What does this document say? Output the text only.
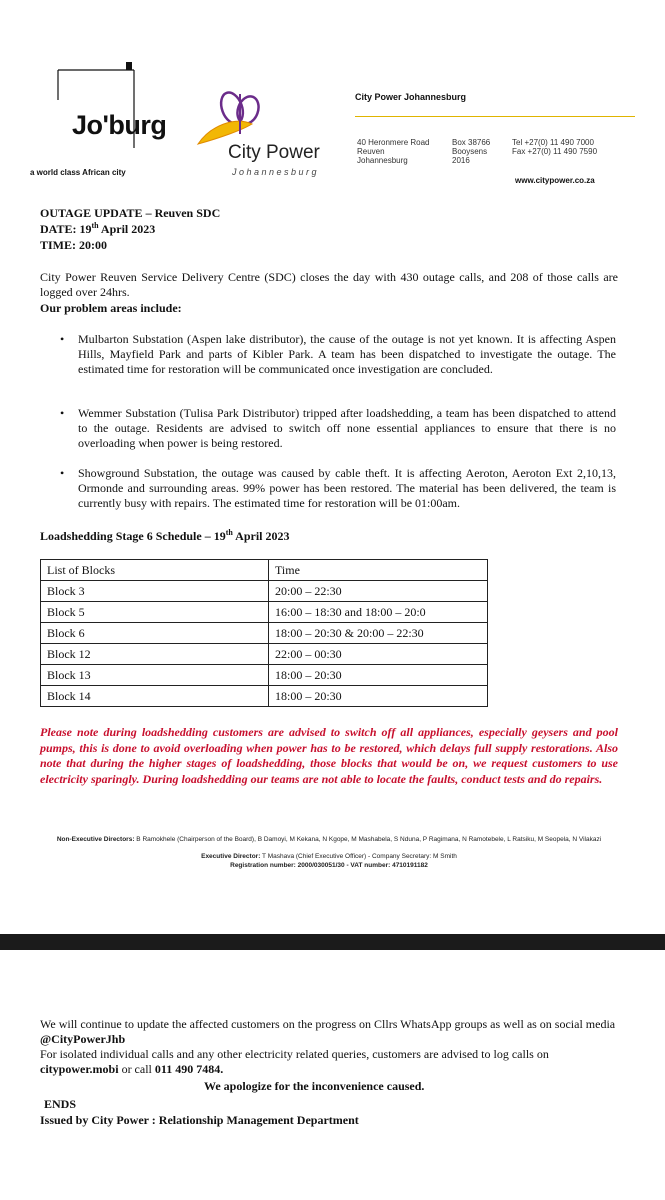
Jo'burg
a world class African city
City Power
Johannesburg
City Power Johannesburg
40 Heronmere Road
Reuven
Johannesburg
Box 38766
Booysens
2016
Tel +27(0) 11 490 7000
Fax +27(0) 11 490 7590
www.citypower.co.za
OUTAGE UPDATE – Reuven SDC
DATE: 19th April 2023
TIME: 20:00
City Power Reuven Service Delivery Centre (SDC) closes the day with 430 outage calls, and 208 of those calls are logged over 24hrs.
Our problem areas include:
• Mulbarton Substation (Aspen lake distributor), the cause of the outage is not yet known. It is affecting Aspen Hills, Mayfield Park and parts of Kibler Park. A team has been dispatched to investigate the outage. The estimated time for restoration will be communicated once investigation are concluded.
• Wemmer Substation (Tulisa Park Distributor) tripped after loadshedding, a team has been dispatched to attend to the outage. Residents are advised to switch off none essential appliances to ensure that there is no overloading when power is being restored.
• Showground Substation, the outage was caused by cable theft. It is affecting Aeroton, Aeroton Ext 2,10,13, Ormonde and surrounding areas. 99% power has been restored. The material has been delivered, the team is currently busy with repairs. The estimated time for restoration will be 01:00am.
Loadshedding Stage 6 Schedule – 19th April 2023
List of Blocks	Time
Block 3	20:00 – 22:30
Block 5	16:00 – 18:30 and 18:00 – 20:0
Block 6	18:00 – 20:30 & 20:00 – 22:30
Block 12	22:00 – 00:30
Block 13	18:00 – 20:30
Block 14	18:00 – 20:30
Please note during loadshedding customers are advised to switch off all appliances, especially geysers and pool pumps, this is done to avoid overloading when power has to be restored, which delays full supply restorations. Also note that during the higher stages of loadshedding, those blocks that would be on, we request customers to use electricity sparingly. During loadshedding our teams are not able to locate the faults, conduct tests and do repairs.
Non-Executive Directors: B Ramokhele (Chairperson of the Board), B Damoyi, M Kekana, N Kgope, M Mashabela, S Nduna, P Ragimana, N Ramotebele, L Ratsiku, M Seopela, N Vilakazi
Executive Director: T Mashava (Chief Executive Officer) - Company Secretary: M Smith
Registration number: 2000/030051/30 - VAT number: 4710191182
We will continue to update the affected customers on the progress on Cllrs WhatsApp groups as well as on social media @CityPowerJhb
For isolated individual calls and any other electricity related queries, customers are advised to log calls on citypower.mobi or call 011 490 7484.
We apologize for the inconvenience caused.
ENDS
Issued by City Power : Relationship Management Department
